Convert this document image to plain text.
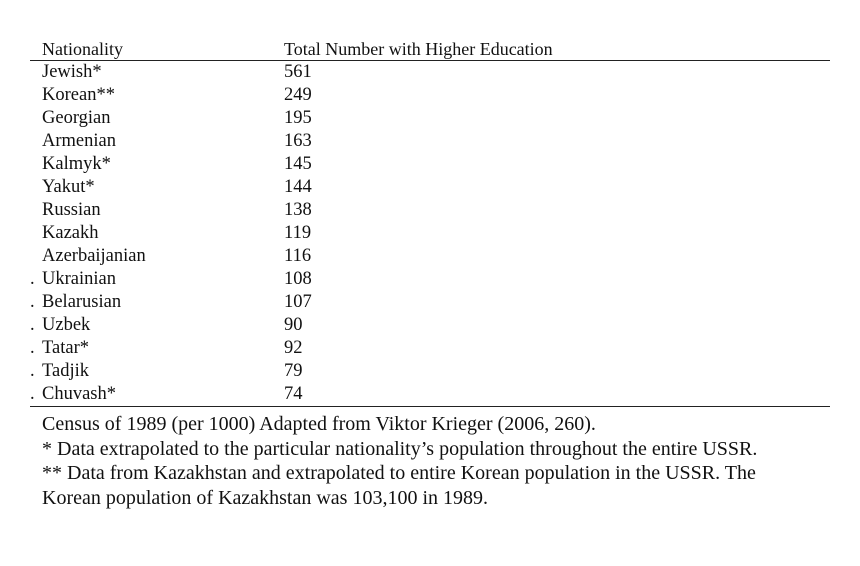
Nationality	Total Number with Higher Education
Jewish*	561
Korean**	249
Georgian	195
Armenian	163
Kalmyk*	145
Yakut*	144
Russian	138
Kazakh	119
Azerbaijanian	116
. Ukrainian	108
. Belarusian	107
. Uzbek	90
. Tatar*	92
. Tadjik	79
. Chuvash*	74
Census of 1989 (per 1000) Adapted from Viktor Krieger (2006, 260).
* Data extrapolated to the particular nationality’s population throughout the entire USSR.
** Data from Kazakhstan and extrapolated to entire Korean population in the USSR. The
Korean population of Kazakhstan was 103,100 in 1989.
